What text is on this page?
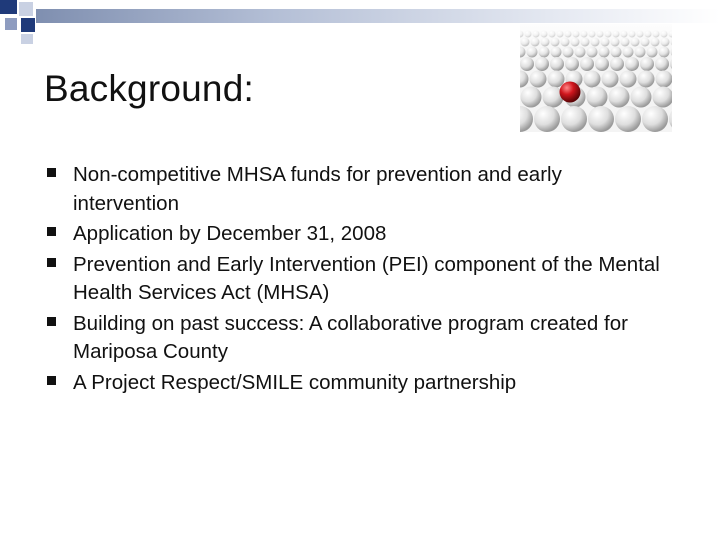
Background:
Non-competitive MHSA funds for prevention and early intervention
Application by December 31, 2008
Prevention and Early Intervention (PEI) component of the Mental Health Services Act (MHSA)
Building on past success: A collaborative program created for Mariposa County
A Project Respect/SMILE community partnership
